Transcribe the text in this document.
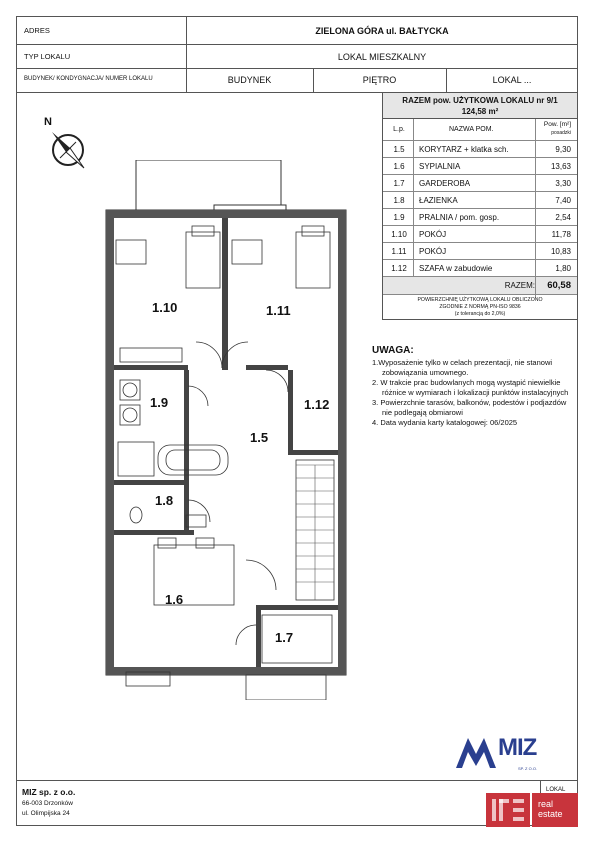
ADRES	ZIELONA GÓRA ul. BAŁTYCKA
TYP LOKALU	LOKAL MIESZKALNY
BUDYNEK/ KONDYGNACJA/ NUMER LOKALU	BUDYNEK	PIĘTRO	LOKAL ...
RAZEM pow. UŻYTKOWA LOKALU nr 9/1
124,58 m²
L.p.	NAZWA POM.
Pow. [m²]
posadzki
1.5	KORYTARZ + klatka sch.	9,30
1.6	SYPIALNIA	13,63
1.7	GARDEROBA	3,30
1.8	ŁAZIENKA	7,40
1.9	PRALNIA / pom. gosp.	2,54
1.10 POKÓJ	11,78
1.11	POKÓJ	10,83
1.12 SZAFA w zabudowie	1,80
RAZEM: 60,58
POWIERZCHNIĘ UŻYTKOWĄ LOKALU OBLICZONO
ZGODNIE Z NORMĄ PN-ISO 9836
(z tolerancją do 2,0%)
UWAGA:
1.Wyposażenie tylko w celach prezentacji, nie stanowi
zobowiązania umownego.
2. W trakcie prac budowlanych mogą wystąpić niewielkie
różnice w wymiarach i lokalizacji punktów instalacyjnych
3. Powierzchnie tarasów, balkonów, podestów i podjazdów
nie podlegają obmiarowi
4. Data wydania karty katalogowej: 06/2025
N
1.10	1.11
1.9	1.12
1.5
1.8
1.6
1.7
MIZ sp. z o.o.
66-003 Drzonków
ul. Olimpijska 24
LOKAL
MIZ
SP. Z O.O.
real estate
